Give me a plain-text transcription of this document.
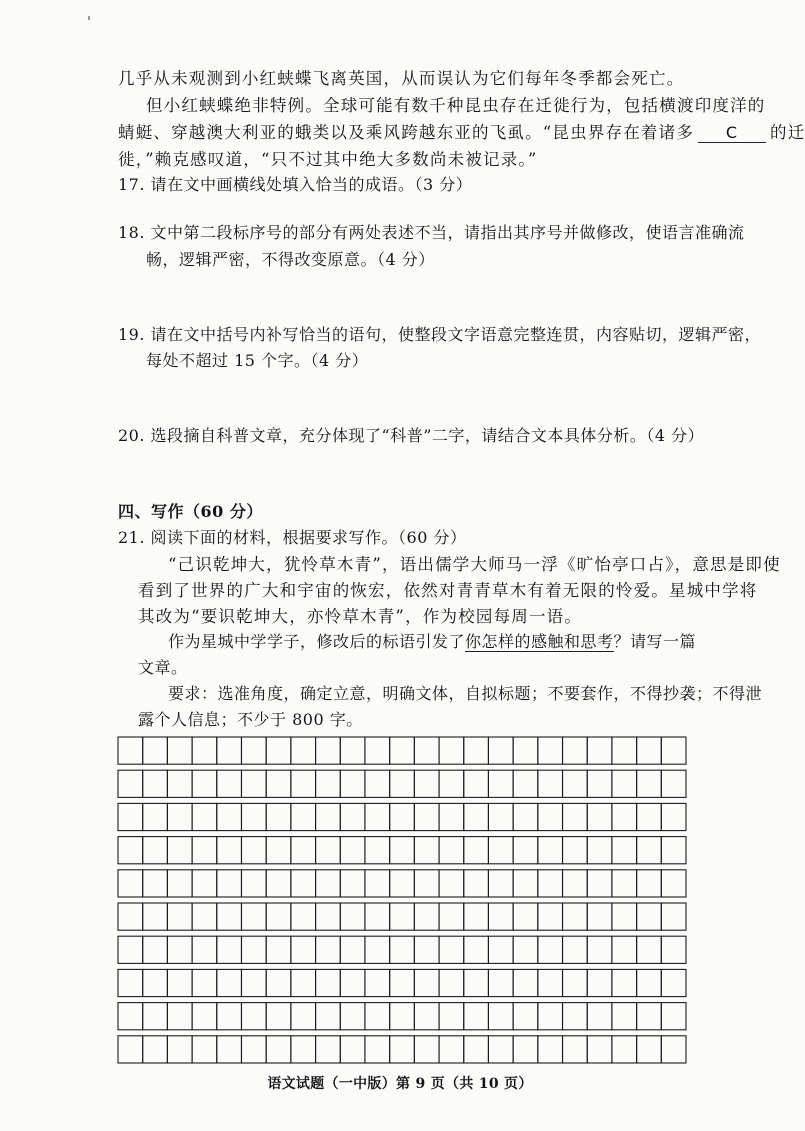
几乎从未观测到小红蛱蝶飞离英国，从而误认为它们每年冬季都会死亡。
但小红蛱蝶绝非特例。全球可能有数千种昆虫存在迁徙行为，包括横渡印度洋的
蜻蜓、穿越澳大利亚的蛾类以及乘风跨越东亚的飞虱。“昆虫界存在着诸多 C 的迁
徙，”赖克感叹道，“只不过其中绝大多数尚未被记录。”
17. 请在文中画横线处填入恰当的成语。（3 分）
18. 文中第二段标序号的部分有两处表述不当，请指出其序号并做修改，使语言准确流
畅，逻辑严密，不得改变原意。（4 分）
19. 请在文中括号内补写恰当的语句，使整段文字语意完整连贯，内容贴切，逻辑严密，
每处不超过 15 个字。（4 分）
20. 选段摘自科普文章，充分体现了“科普”二字，请结合文本具体分析。（4 分）
四、写作（60 分）
21. 阅读下面的材料，根据要求写作。（60 分）
“己识乾坤大，犹怜草木青”，语出儒学大师马一浮《旷怡亭口占》，意思是即使
看到了世界的广大和宇宙的恢宏，依然对青青草木有着无限的怜爱。星城中学将
其改为“要识乾坤大，亦怜草木青”，作为校园每周一语。
作为星城中学学子，修改后的标语引发了你怎样的感触和思考？请写一篇
文章。
要求：选准角度，确定立意，明确文体，自拟标题；不要套作，不得抄袭；不得泄
露个人信息；不少于 800 字。
语文试题（一中版）第 9 页（共 10 页）
